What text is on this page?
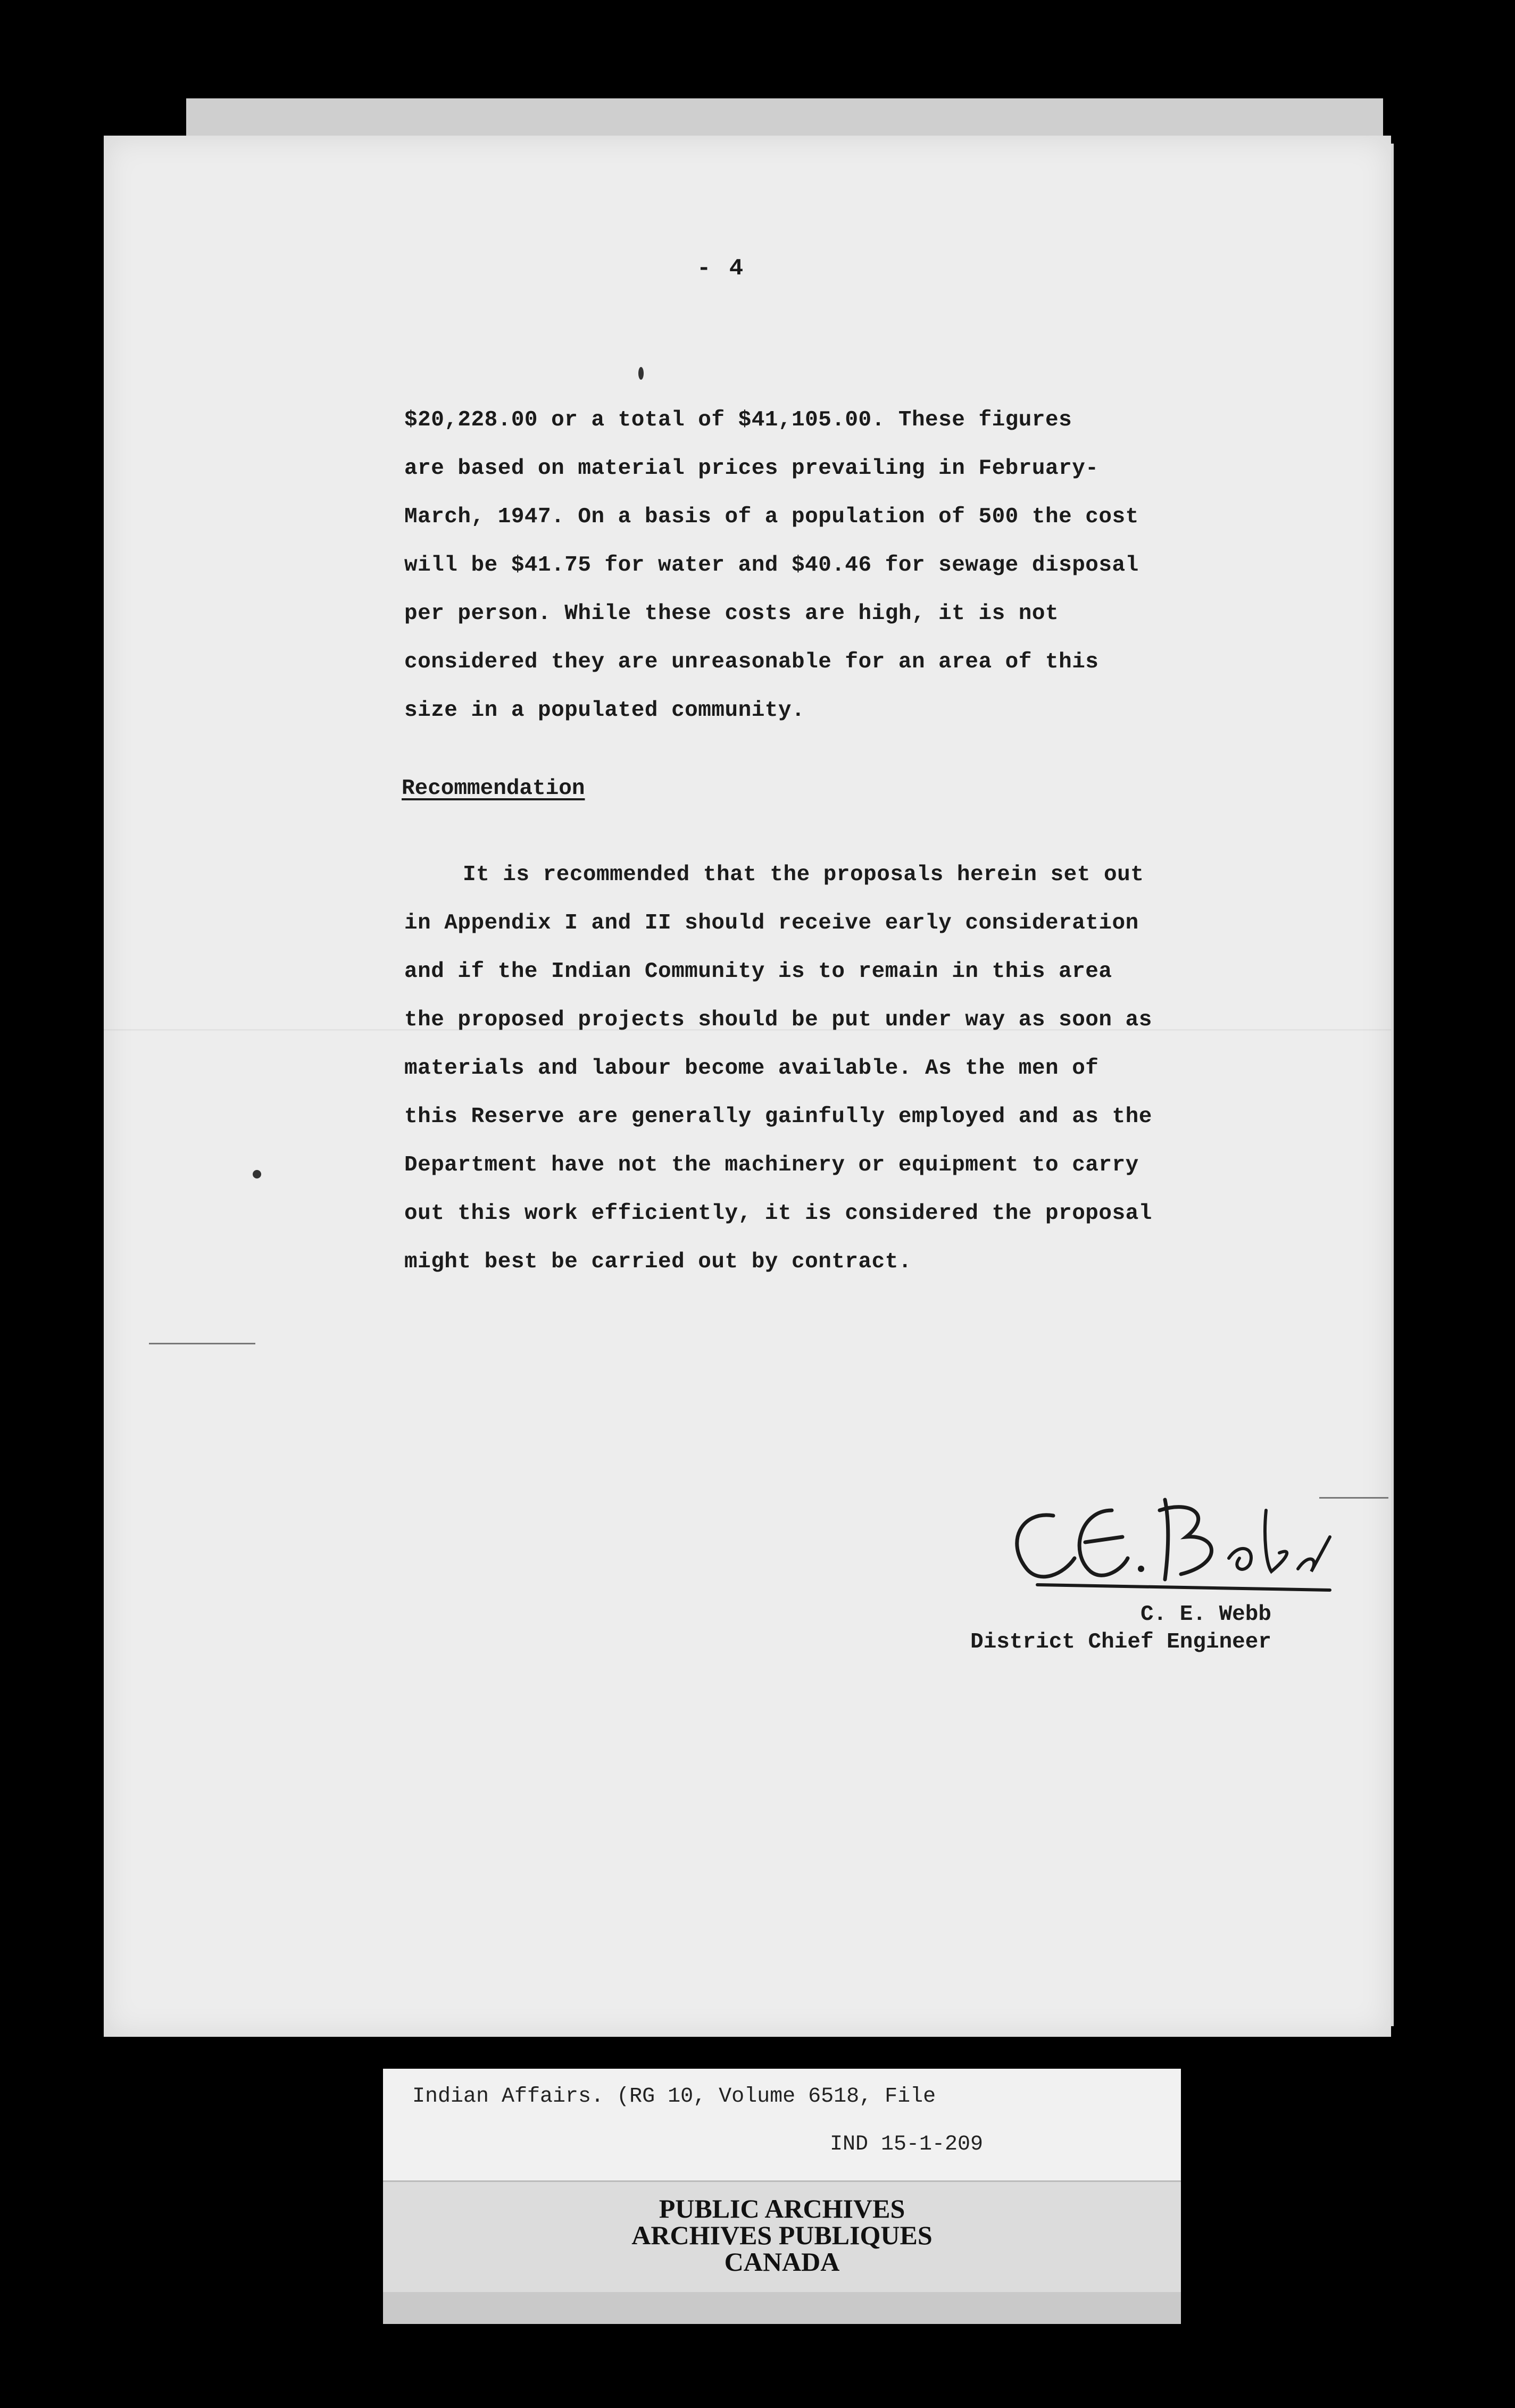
- 4
$20,228.00 or a total of $41,105.00. These figures
are based on material prices prevailing in February-
March, 1947. On a basis of a population of 500 the cost
will be $41.75 for water and $40.46 for sewage disposal
per person. While these costs are high, it is not
considered they are unreasonable for an area of this
size in a populated community.
Recommendation
It is recommended that the proposals herein set out
in Appendix I and II should receive early consideration
and if the Indian Community is to remain in this area
the proposed projects should be put under way as soon as
materials and labour become available. As the men of
this Reserve are generally gainfully employed and as the
Department have not the machinery or equipment to carry
out this work efficiently, it is considered the proposal
might best be carried out by contract.
C. E. Webb
District Chief Engineer
Indian Affairs. (RG 10, Volume 6518, File
IND 15-1-209
PUBLIC ARCHIVES
ARCHIVES PUBLIQUES
CANADA
